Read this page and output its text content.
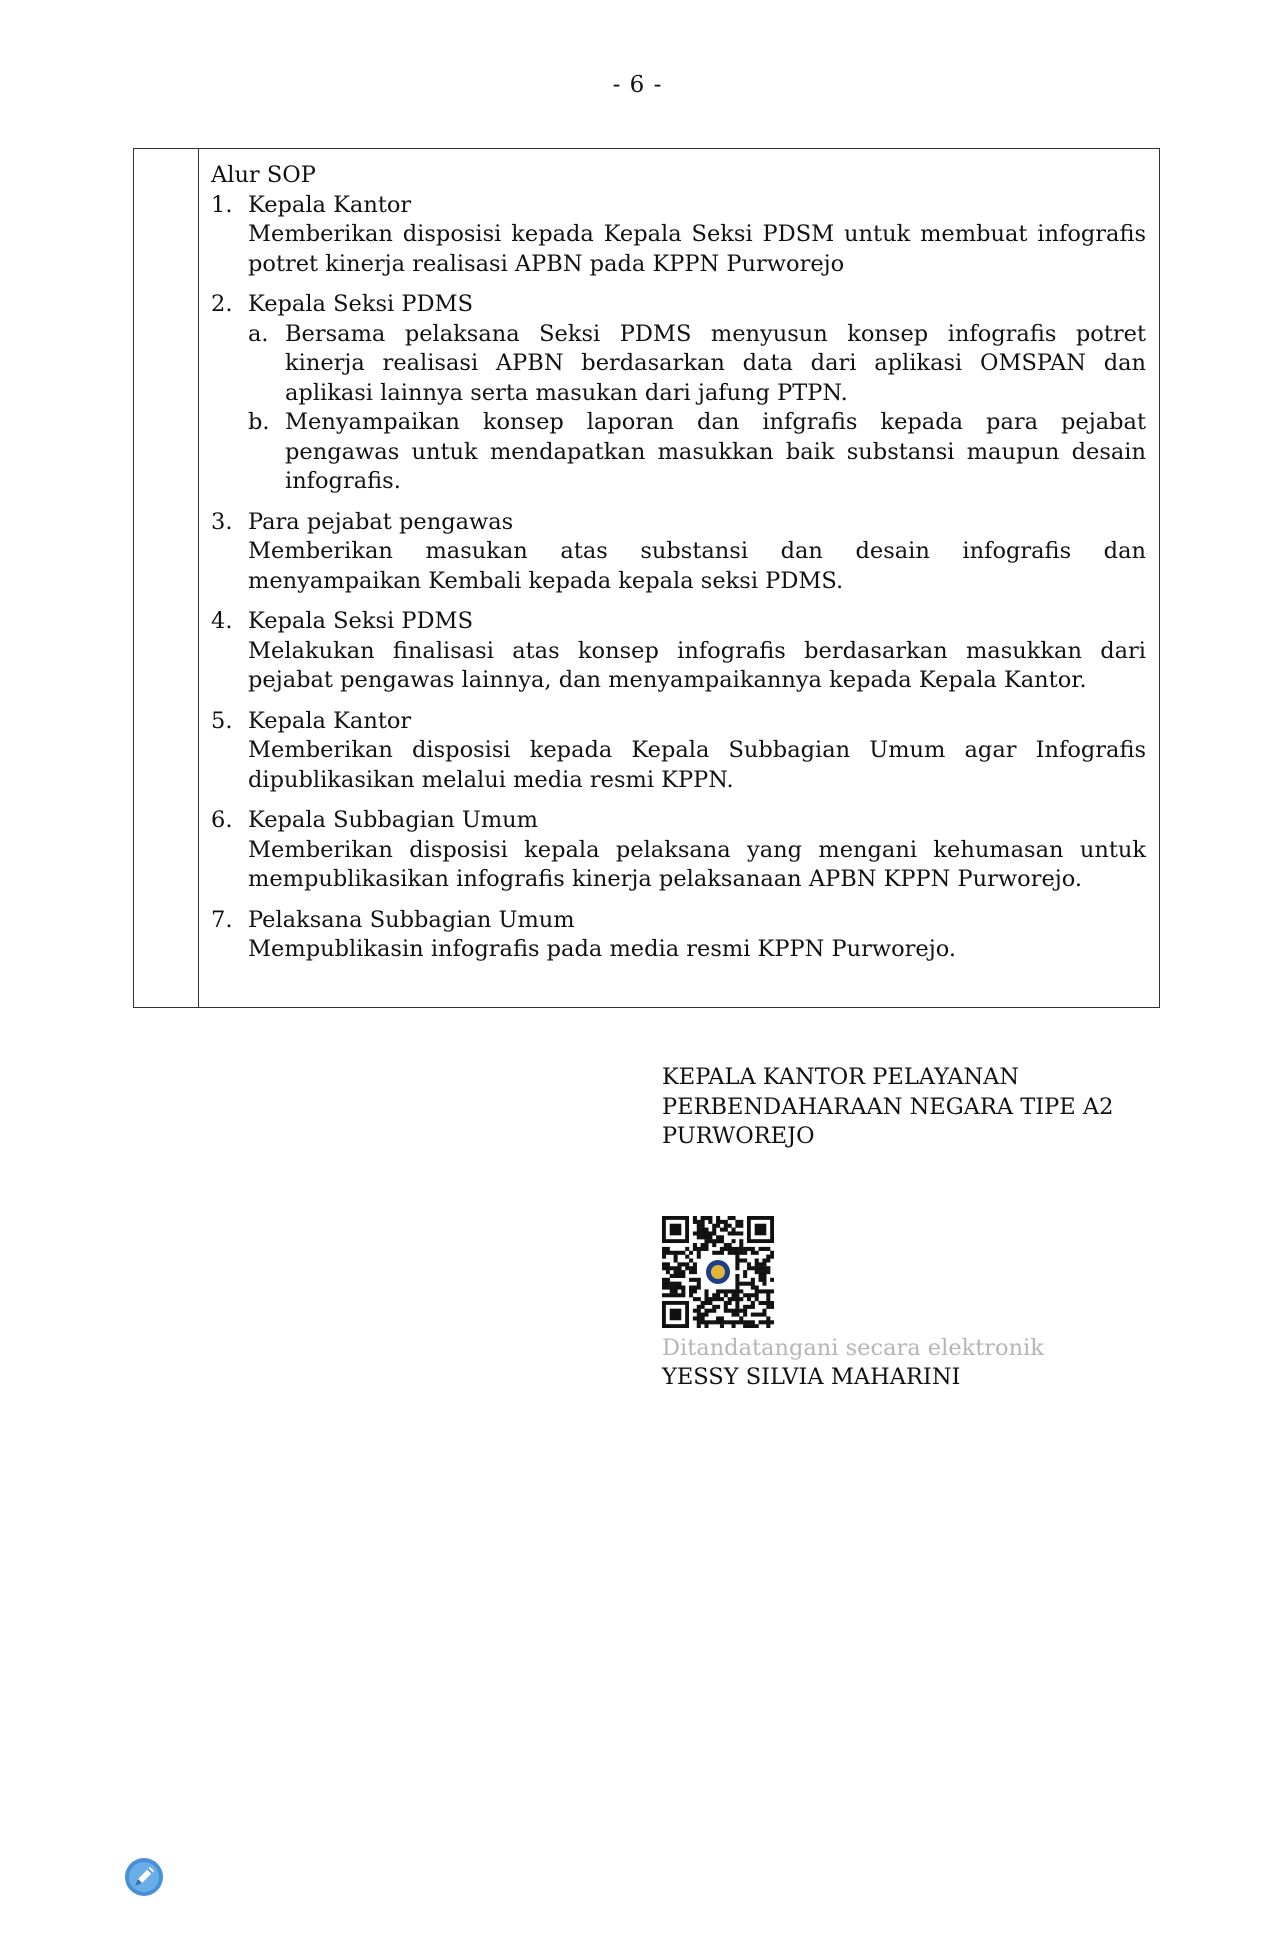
- 6 -
Alur SOP
1. Kepala Kantor
Memberikan disposisi kepada Kepala Seksi PDSM untuk membuat infografis potret kinerja realisasi APBN pada KPPN Purworejo
2. Kepala Seksi PDMS
a. Bersama pelaksana Seksi PDMS menyusun konsep infografis potret kinerja realisasi APBN berdasarkan data dari aplikasi OMSPAN dan aplikasi lainnya serta masukan dari jafung PTPN.
b. Menyampaikan konsep laporan dan infgrafis kepada para pejabat pengawas untuk mendapatkan masukkan baik substansi maupun desain infografis.
3. Para pejabat pengawas
Memberikan masukan atas substansi dan desain infografis dan menyampaikan Kembali kepada kepala seksi PDMS.
4. Kepala Seksi PDMS
Melakukan finalisasi atas konsep infografis berdasarkan masukkan dari pejabat pengawas lainnya, dan menyampaikannya kepada Kepala Kantor.
5. Kepala Kantor
Memberikan disposisi kepada Kepala Subbagian Umum agar Infografis dipublikasikan melalui media resmi KPPN.
6. Kepala Subbagian Umum
Memberikan disposisi kepala pelaksana yang mengani kehumasan untuk mempublikasikan infografis kinerja pelaksanaan APBN KPPN Purworejo.
7. Pelaksana Subbagian Umum
Mempublikasin infografis pada media resmi KPPN Purworejo.
KEPALA KANTOR PELAYANAN
PERBENDAHARAAN NEGARA TIPE A2
PURWOREJO
Ditandatangani secara elektronik
YESSY SILVIA MAHARINI
